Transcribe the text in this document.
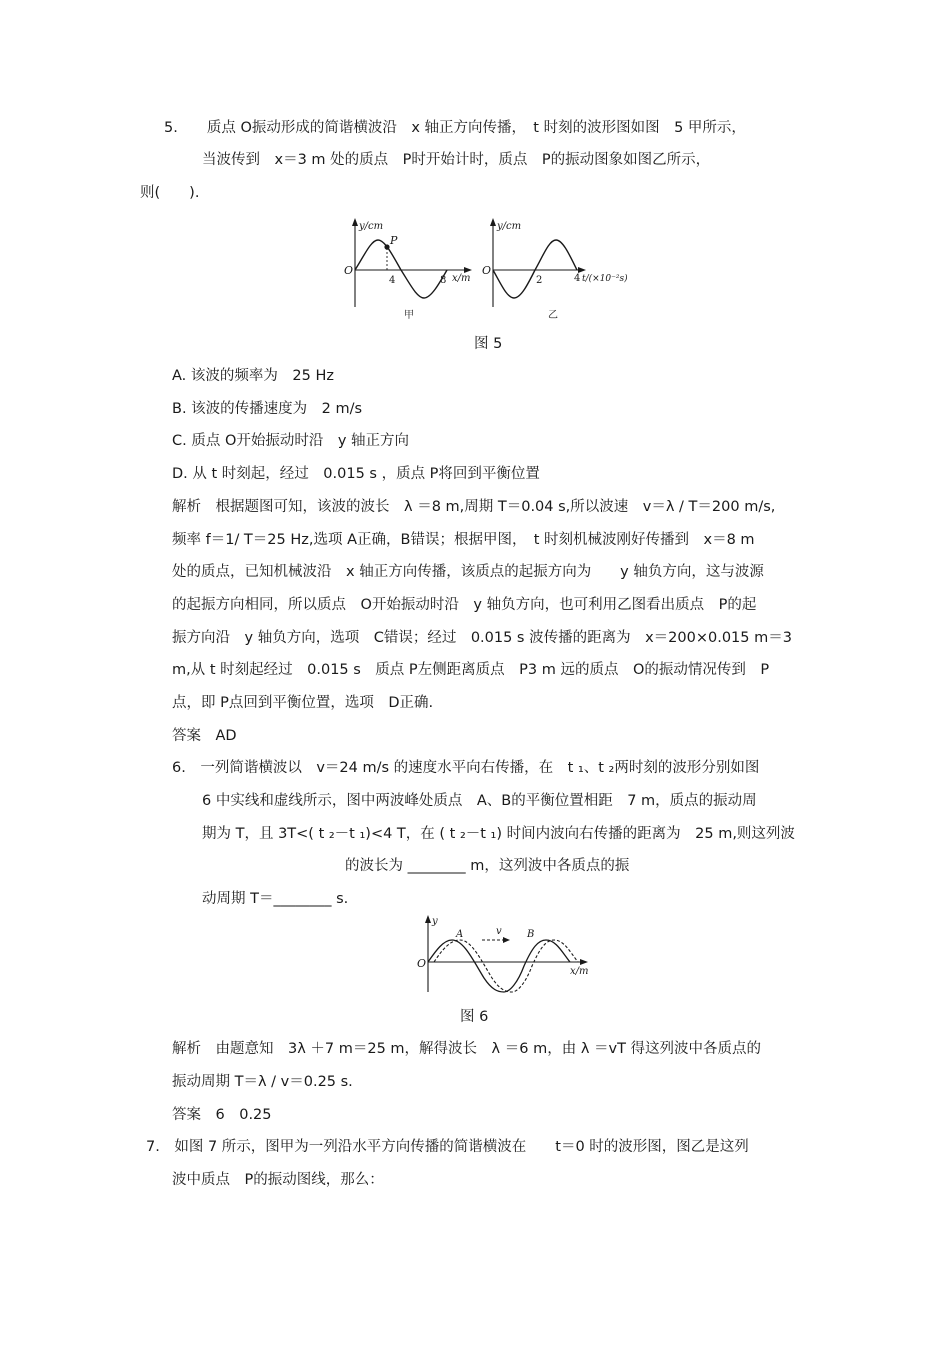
5.　　质点 O振动形成的简谐横波沿　x 轴正方向传播，　t 时刻的波形图如图　5 甲所示，
当波传到　x＝3 m 处的质点　P时开始计时，质点　P的振动图象如图乙所示，
则(　　).
y/cm
O
P
4	8 x/m
甲
y/cm
O
2	4 t/(×10⁻²s)
乙
图 5
A. 该波的频率为　25 Hz
B. 该波的传播速度为　2 m/s
C. 质点 O开始振动时沿　y 轴正方向
D. 从 t 时刻起，经过　0.015 s ，质点 P将回到平衡位置
解析　根据题图可知，该波的波长　λ ＝8 m,周期 T＝0.04 s,所以波速　v＝λ / T＝200 m/s,
频率 f＝1/ T＝25 Hz,选项 A正确，B错误；根据甲图，　t 时刻机械波刚好传播到　x＝8 m
处的质点，已知机械波沿　x 轴正方向传播，该质点的起振方向为　　y 轴负方向，这与波源
的起振方向相同，所以质点　O开始振动时沿　y 轴负方向，也可利用乙图看出质点　P的起
振方向沿　y 轴负方向，选项　C错误；经过　0.015 s 波传播的距离为　x＝200×0.015 m＝3
m,从 t 时刻起经过　0.015 s　质点 P左侧距离质点　P3 m 远的质点　O的振动情况传到　P
点，即 P点回到平衡位置，选项　D正确.
答案　AD
6.　一列简谐横波以　v＝24 m/s 的速度水平向右传播，在　t ₁、t ₂两时刻的波形分别如图
6 中实线和虚线所示，图中两波峰处质点　A、B的平衡位置相距　7 m，质点的振动周
期为 T，且 3T<( t ₂－t ₁)<4 T，在 ( t ₂－t ₁) 时间内波向右传播的距离为　25 m,则这列波
的波长为 ________ m，这列波中各质点的振
动周期 T＝________ s.
y
O
A	B
v
x/m
图 6
解析　由题意知　3λ ＋7 m＝25 m，解得波长　λ ＝6 m，由 λ ＝vT 得这列波中各质点的
振动周期 T＝λ / v＝0.25 s.
答案　6　0.25
7.　如图 7 所示，图甲为一列沿水平方向传播的简谐横波在　　t＝0 时的波形图，图乙是这列
波中质点　P的振动图线，那么：
